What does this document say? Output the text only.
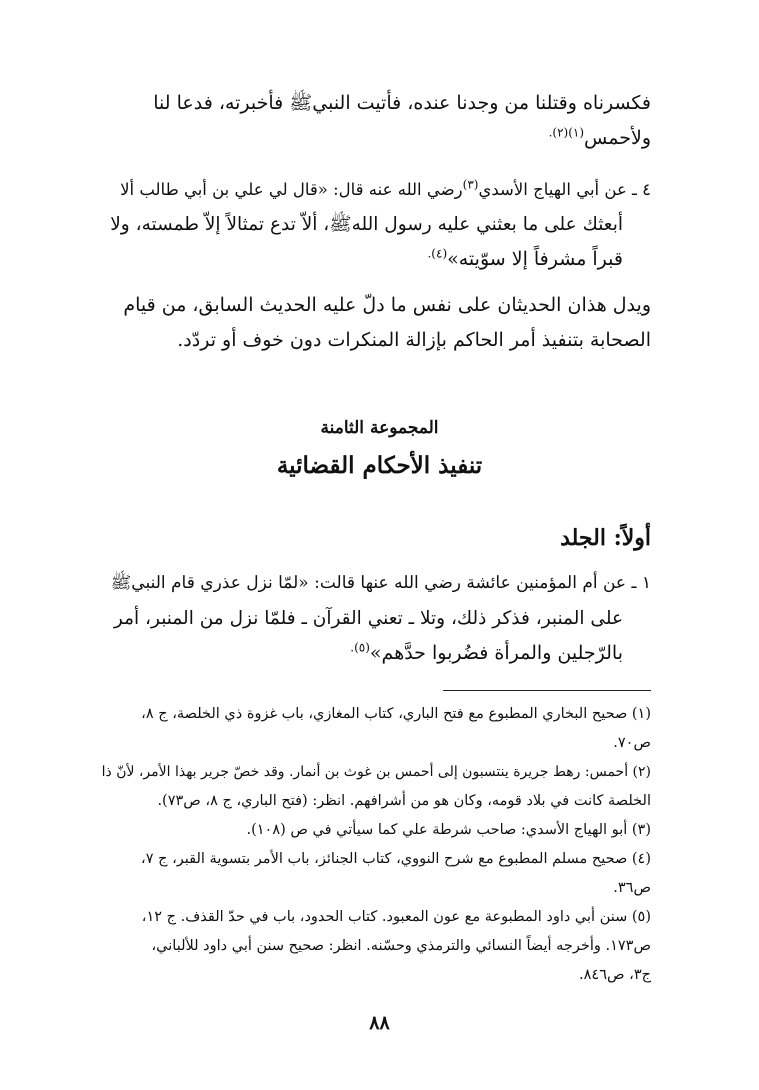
فكسرناه وقتلنا من وجدنا عنده، فأتيت النبيﷺ فأخبرته، فدعا لنا
ولأحمس$^{(١)(٢).}$

٤ ـ عن أبي الهياج الأسدي$^{(٣)}$رضي الله عنه قال: «قال لي علي بن أبي طالب ألا
أبعثك على ما بعثني عليه رسول اللهﷺ، ألاّ تدع تمثالاً إلاّ طمسته، ولا
قبراً مشرفاً إلا سوّيته»$^{(٤).}$

ويدل هذان الحديثان على نفس ما دلّ عليه الحديث السابق، من قيام
الصحابة بتنفيذ أمر الحاكم بإزالة المنكرات دون خوف أو تردّد.

المجموعة الثامنة
تنفيذ الأحكام القضائية
أولاً: الجلد

١ ـ عن أم المؤمنين عائشة رضي الله عنها قالت: «لمّا نزل عذري قام النبيﷺ
على المنبر، فذكر ذلك، وتلا ـ تعني القرآن ـ فلمّا نزل من المنبر، أمر
بالرّجلين والمرأة فضُربوا حدَّهم»$^{(٥).}$

(١) صحيح البخاري المطبوع مع فتح الباري، كتاب المغازي، باب غزوة ذي الخلصة، ج ٨،
ص٧٠.
(٢) أحمس: رهط جريرة ينتسبون إلى أحمس بن غوث بن أنمار. وقد خصّ جرير بهذا الأمر، لأنّ ذا
الخلصة كانت في بلاد قومه، وكان هو من أشرافهم. انظر: (فتح الباري، ج ٨، ص٧٣).
(٣) أبو الهياج الأسدي: صاحب شرطة علي كما سيأتي في ص (١٠٨).
(٤) صحيح مسلم المطبوع مع شرح النووي، كتاب الجنائز، باب الأمر بتسوية القبر، ج ٧،
ص٣٦.
(٥) سنن أبي داود المطبوعة مع عون المعبود. كتاب الحدود، باب في حدّ القذف. ج ١٢،
ص١٧٣. وأخرجه أيضاً النسائي والترمذي وحسّنه. انظر: صحيح سنن أبي داود للألباني،
ج٣، ص٨٤٦.
٨٨
